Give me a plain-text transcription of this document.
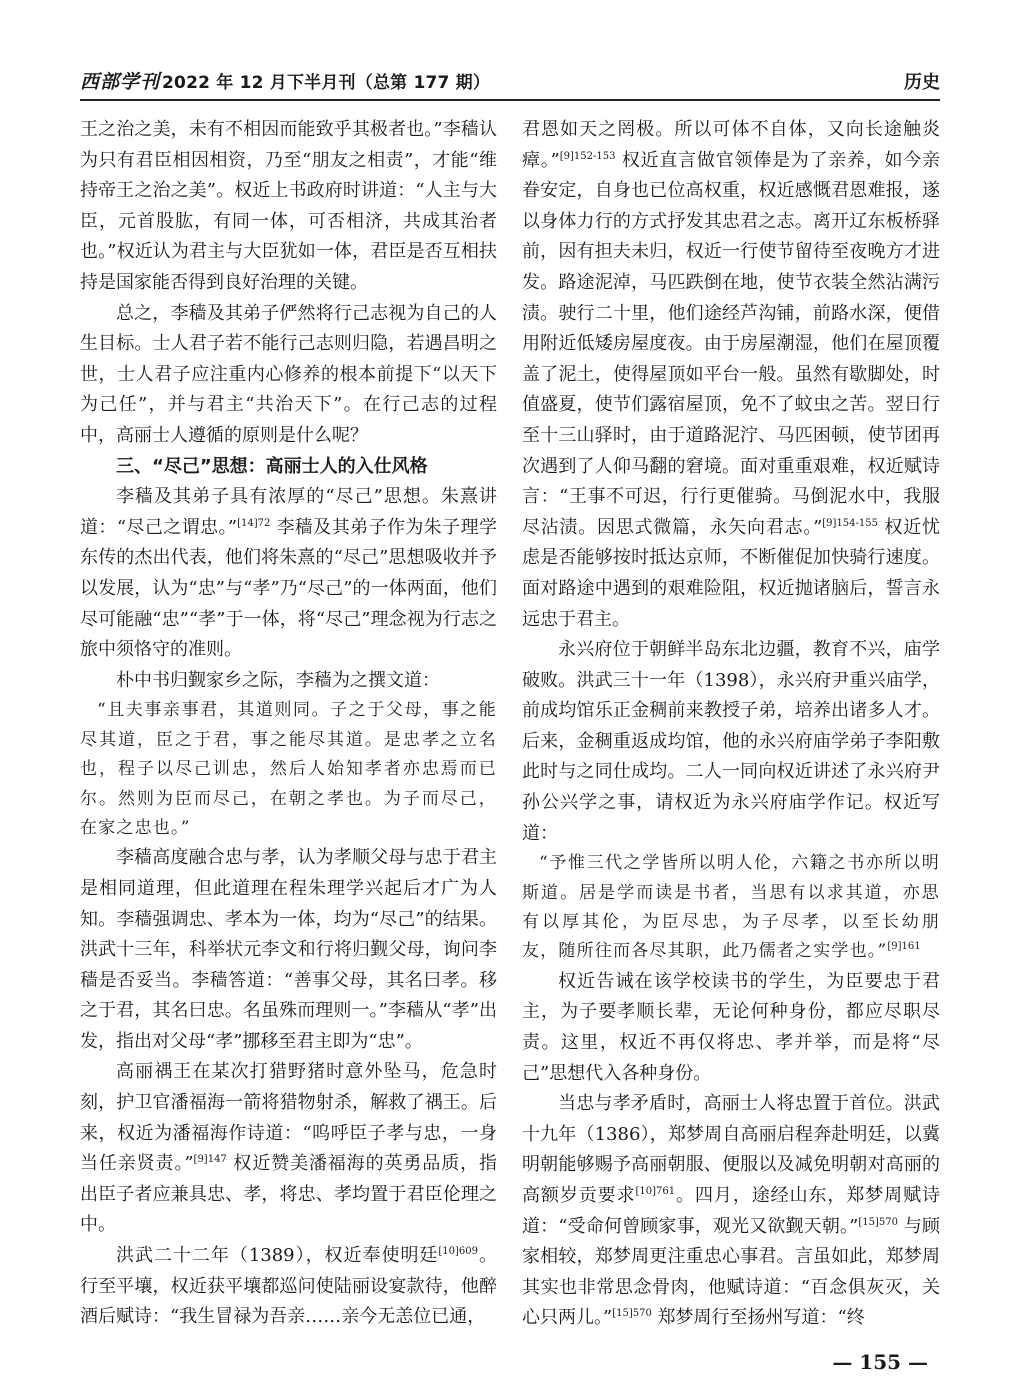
西部学刊 2022 年 12 月下半月刊（总第 177 期）	历史

王之治之美，未有不相因而能致乎其极者也。”李穑认为只有君臣相因相资，乃至“朋友之相责”，才能“维持帝王之治之美”。权近上书政府时讲道：“人主与大臣，元首股肱，有同一体，可否相济，共成其治者也。”权近认为君主与大臣犹如一体，君臣是否互相扶持是国家能否得到良好治理的关键。

总之，李穑及其弟子俨然将行己志视为自己的人生目标。士人君子若不能行己志则归隐，若遇昌明之世，士人君子应注重内心修养的根本前提下“以天下为己任”，并与君主“共治天下”。在行己志的过程中，高丽士人遵循的原则是什么呢？

三、“尽己”思想：高丽士人的入仕风格

李穑及其弟子具有浓厚的“尽己”思想。朱熹讲道：“尽己之谓忠。”$^{[14]72}$ 李穑及其弟子作为朱子理学东传的杰出代表，他们将朱熹的“尽己”思想吸收并予以发展，认为“忠”与“孝”乃“尽己”的一体两面，他们尽可能融“忠”“孝”于一体，将“尽己”理念视为行志之旅中须恪守的准则。

朴中书归觐家乡之际，李穑为之撰文道：

“且夫事亲事君，其道则同。子之于父母，事之能尽其道，臣之于君，事之能尽其道。是忠孝之立名也，程子以尽己训忠，然后人始知孝者亦忠焉而已尔。然则为臣而尽己，在朝之孝也。为子而尽己，在家之忠也。”

李穑高度融合忠与孝，认为孝顺父母与忠于君主是相同道理，但此道理在程朱理学兴起后才广为人知。李穑强调忠、孝本为一体，均为“尽己”的结果。洪武十三年，科举状元李文和行将归觐父母，询问李穑是否妥当。李穑答道：“善事父母，其名曰孝。移之于君，其名曰忠。名虽殊而理则一。”李穑从“孝”出发，指出对父母“孝”挪移至君主即为“忠”。

高丽禑王在某次打猎野猪时意外坠马，危急时刻，护卫官潘福海一箭将猎物射杀，解救了禑王。后来，权近为潘福海作诗道：“呜呼臣子孝与忠，一身当任亲贤责。”$^{[9]147}$ 权近赞美潘福海的英勇品质，指出臣子者应兼具忠、孝，将忠、孝均置于君臣伦理之中。

洪武二十二年（1389），权近奉使明廷$^{[10]609}$。行至平壤，权近获平壤都巡问使陆丽设宴款待，他醉酒后赋诗：“我生冒禄为吾亲……亲今无恙位已通，

君恩如天之罔极。所以可体不自体，又向长途触炎瘴。”$^{[9]152-153}$ 权近直言做官领俸是为了亲养，如今亲眷安定，自身也已位高权重，权近感慨君恩难报，遂以身体力行的方式抒发其忠君之志。离开辽东板桥驿前，因有担夫未归，权近一行使节留待至夜晚方才进发。路途泥淖，马匹跌倒在地，使节衣装全然沾满污渍。驶行二十里，他们途经芦沟铺，前路水深，便借用附近低矮房屋度夜。由于房屋潮湿，他们在屋顶覆盖了泥土，使得屋顶如平台一般。虽然有歇脚处，时值盛夏，使节们露宿屋顶，免不了蚊虫之苦。翌日行至十三山驿时，由于道路泥泞、马匹困顿，使节团再次遇到了人仰马翻的窘境。面对重重艰难，权近赋诗言：“王事不可迟，行行更催骑。马倒泥水中，我服尽沾渍。因思式微篇，永矢向君志。”$^{[9]154-155}$ 权近忧虑是否能够按时抵达京师，不断催促加快骑行速度。面对路途中遇到的艰难险阻，权近抛诸脑后，誓言永远忠于君主。

永兴府位于朝鲜半岛东北边疆，教育不兴，庙学破败。洪武三十一年（1398），永兴府尹重兴庙学，前成均馆乐正金稠前来教授子弟，培养出诸多人才。后来，金稠重返成均馆，他的永兴府庙学弟子李阳敷此时与之同仕成均。二人一同向权近讲述了永兴府尹孙公兴学之事，请权近为永兴府庙学作记。权近写道：

“予惟三代之学皆所以明人伦，六籍之书亦所以明斯道。居是学而读是书者，当思有以求其道，亦思有以厚其伦，为臣尽忠，为子尽孝，以至长幼朋友，随所往而各尽其职，此乃儒者之实学也。”$^{[9]161}$

权近告诫在该学校读书的学生，为臣要忠于君主，为子要孝顺长辈，无论何种身份，都应尽职尽责。这里，权近不再仅将忠、孝并举，而是将“尽己”思想代入各种身份。

当忠与孝矛盾时，高丽士人将忠置于首位。洪武十九年（1386），郑梦周自高丽启程奔赴明廷，以冀明朝能够赐予高丽朝服、便服以及减免明朝对高丽的高额岁贡要求$^{[10]761}$。四月，途经山东，郑梦周赋诗道：“受命何曾顾家事，观光又欲觐天朝。”$^{[15]570}$ 与顾家相较，郑梦周更注重忠心事君。言虽如此，郑梦周其实也非常思念骨肉，他赋诗道：“百念俱灰灭，关心只两儿。”$^{[15]570}$ 郑梦周行至扬州写道：“终

— 155 —
